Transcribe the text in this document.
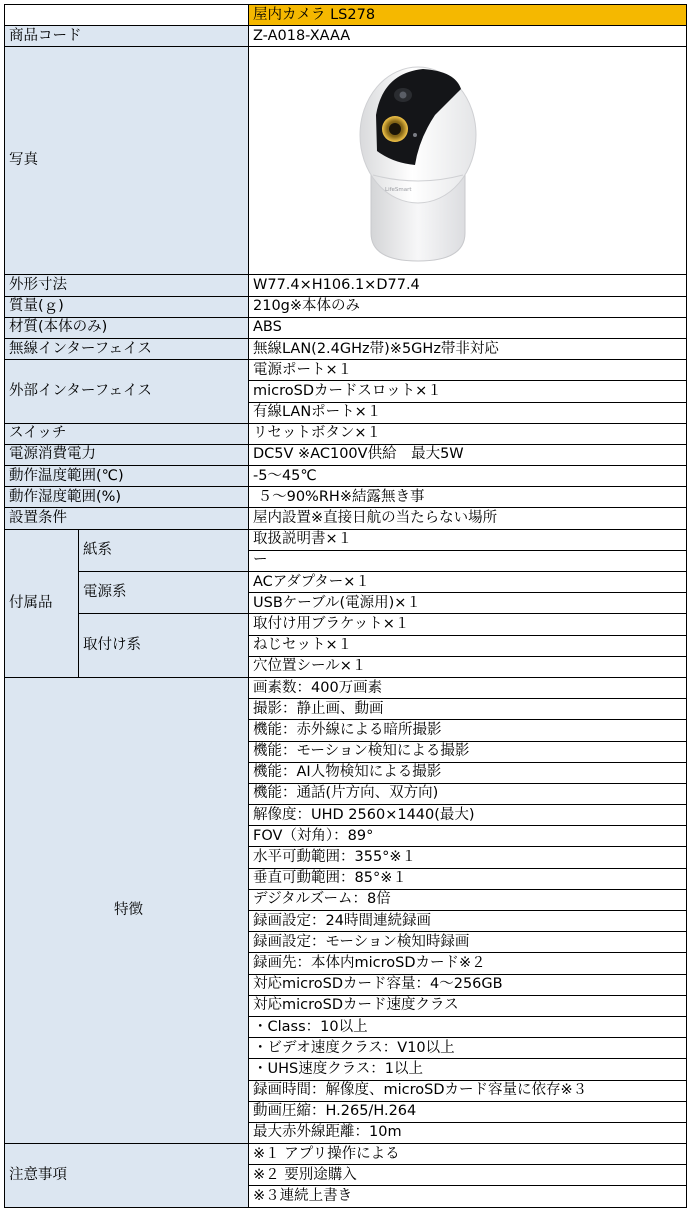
		屋内カメラ LS278
商品コード		Z-A018-XAAA
写真		LifeSmart

外形寸法		W77.4×H106.1×D77.4
質量(ｇ)		210g※本体のみ
材質(本体のみ)		ABS
無線インターフェイス		無線LAN(2.4GHz帯)※5GHz帯非対応
外部インターフェイス		電源ポート×１
		microSDカードスロット×１
		有線LANポート×１
スイッチ		リセットボタン×１
電源消費電力		DC5V ※AC100V供給　最大5W
動作温度範囲(℃)		-5～45℃
動作湿度範囲(%)		５～90%RH※結露無き事
設置条件		屋内設置※直接日航の当たらない場所
付属品	紙系	取扱説明書×１
		ー
	電源系	ACアダプター×１
		USBケーブル(電源用)×１
	取付け系	取付け用ブラケット×１
		ねじセット×１
		穴位置シール×１
特徴		画素数：400万画素
		撮影：静止画、動画
		機能：赤外線による暗所撮影
		機能：モーション検知による撮影
		機能：AI人物検知による撮影
		機能：通話(片方向、双方向)
		解像度：UHD 2560×1440(最大)
		FOV（対角）：89°
		水平可動範囲：355°※１
		垂直可動範囲：85°※１
		デジタルズーム：8倍
		録画設定：24時間連続録画
		録画設定：モーション検知時録画
		録画先：本体内microSDカード※２
		対応microSDカード容量：4～256GB
		対応microSDカード速度クラス
		・Class：10以上
		・ビデオ速度クラス：V10以上
		・UHS速度クラス：1以上
		録画時間：解像度、microSDカード容量に依存※３
		動画圧縮：H.265/H.264
		最大赤外線距離：10m
注意事項		※１ アプリ操作による
		※２ 要別途購入
		※３連続上書き
